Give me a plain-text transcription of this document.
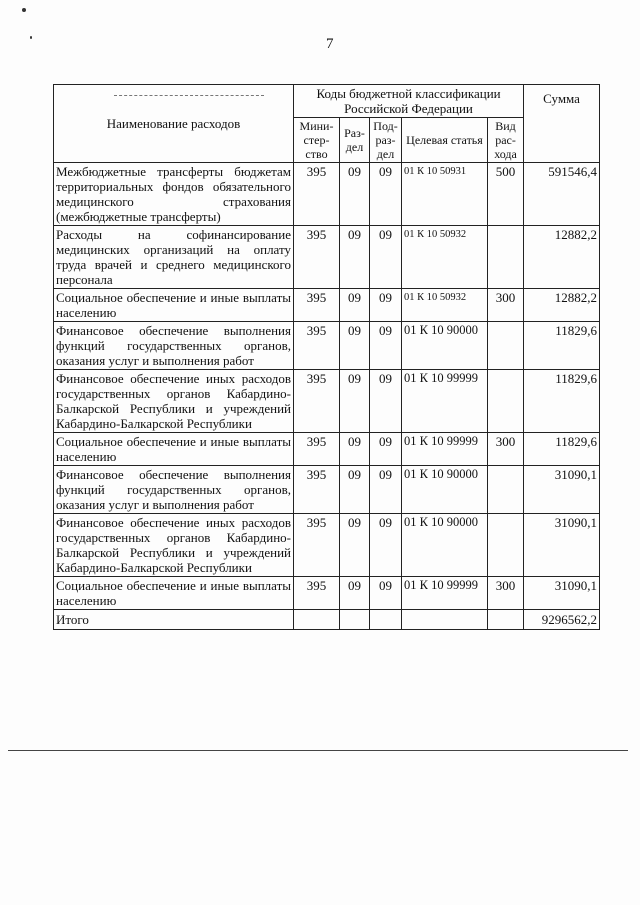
7
Наименование расходов	Коды бюджетной классификации Российской Федерации					Сумма
	Мини-стер-ство	Раз-дел	Под-раз-дел	Целевая статья	Вид рас-хода	
Межбюджетные трансферты бюджетам территориальных фондов обязательного медицинского страхования (межбюджетные трансферты)	395	09	09	01 К 10 50931	500	591546,4
Расходы на софинансирование медицинских организаций на оплату труда врачей и среднего медицинского персонала	395	09	09	01 К 10 50932		12882,2
Социальное обеспечение и иные выплаты населению	395	09	09	01 К 10 50932	300	12882,2
Финансовое обеспечение выполнения функций государственных органов, оказания услуг и выполнения работ	395	09	09	01 К 10 90000		11829,6
Финансовое обеспечение иных расходов государственных органов Кабардино-Балкарской Республики и учреждений Кабардино-Балкарской Республики	395	09	09	01 К 10 99999		11829,6
Социальное обеспечение и иные выплаты населению	395	09	09	01 К 10 99999	300	11829,6
Финансовое обеспечение выполнения функций государственных органов, оказания услуг и выполнения работ	395	09	09	01 К 10 90000		31090,1
Финансовое обеспечение иных расходов государственных органов Кабардино-Балкарской Республики и учреждений Кабардино-Балкарской Республики	395	09	09	01 К 10 90000		31090,1
Социальное обеспечение и иные выплаты населению	395	09	09	01 К 10 99999	300	31090,1
Итого						9296562,2
